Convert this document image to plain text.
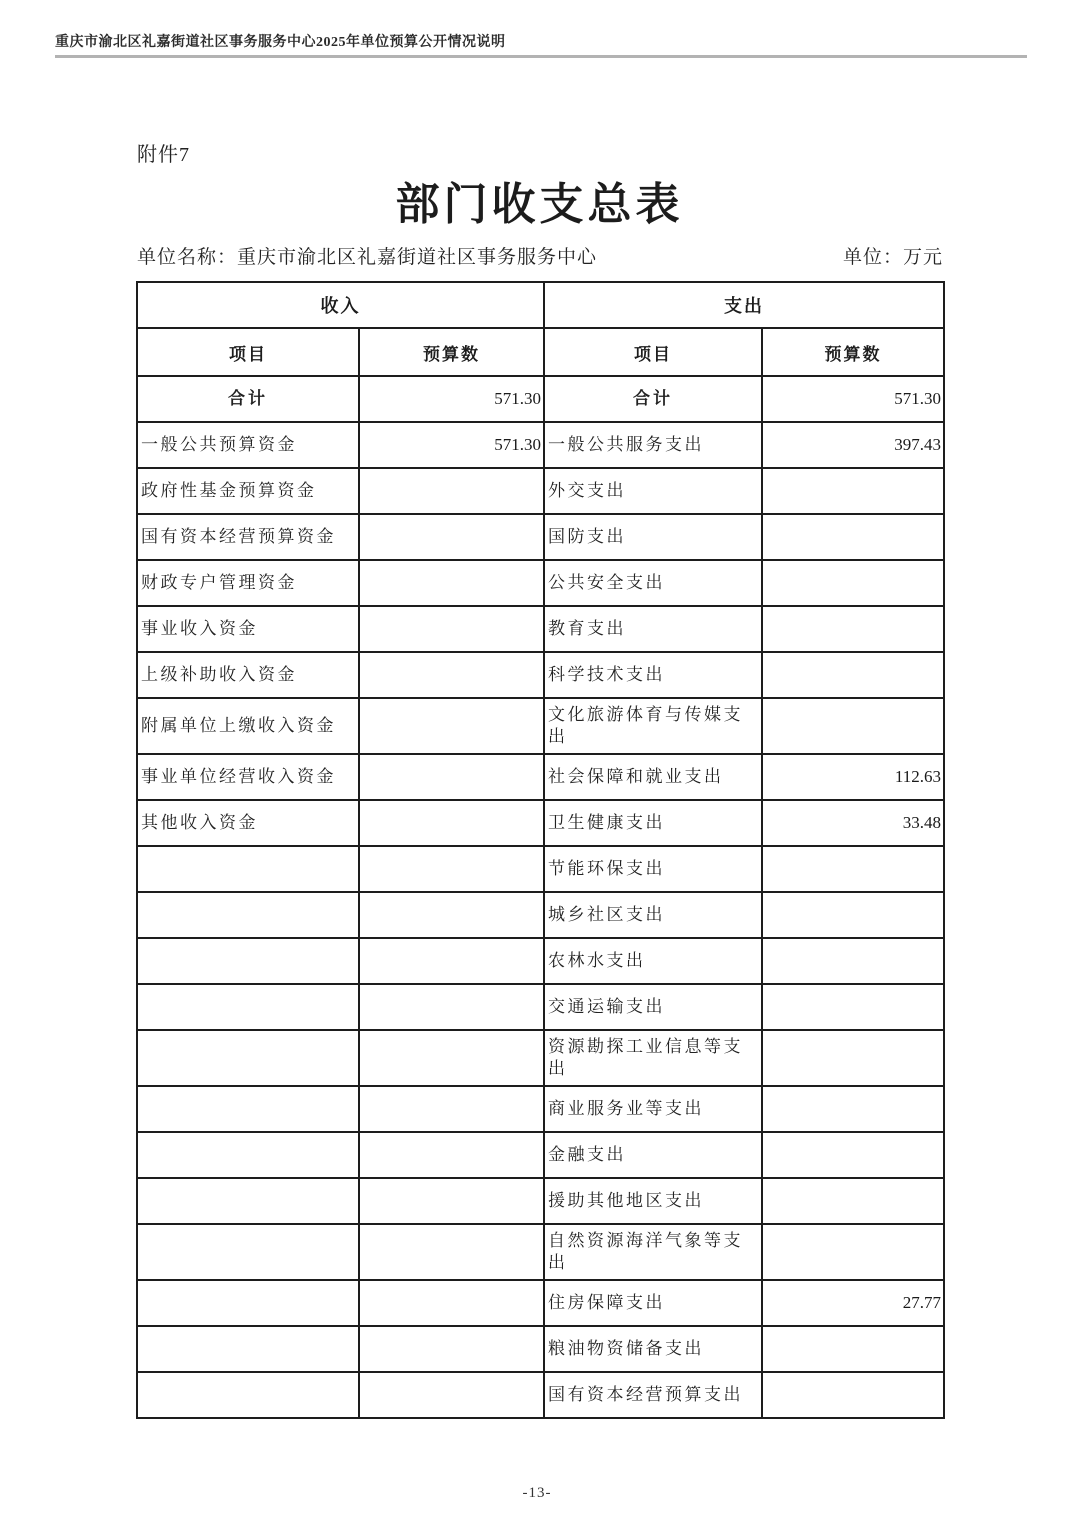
重庆市渝北区礼嘉街道社区事务服务中心2025年单位预算公开情况说明
附件7
部门收支总表
单位名称：重庆市渝北区礼嘉街道社区事务服务中心	单位：万元
收入		支出	
项目	预算数	项目	预算数
合计	571.30	合计	571.30
一般公共预算资金	571.30	一般公共服务支出	397.43
政府性基金预算资金		外交支出	
国有资本经营预算资金		国防支出	
财政专户管理资金		公共安全支出	
事业收入资金		教育支出	
上级补助收入资金		科学技术支出	
附属单位上缴收入资金		文化旅游体育与传媒支出	
事业单位经营收入资金		社会保障和就业支出	112.63
其他收入资金		卫生健康支出	33.48
		节能环保支出	
		城乡社区支出	
		农林水支出	
		交通运输支出	
		资源勘探工业信息等支出	
		商业服务业等支出	
		金融支出	
		援助其他地区支出	
		自然资源海洋气象等支出	
		住房保障支出	27.77
		粮油物资储备支出	
		国有资本经营预算支出	
-13-
